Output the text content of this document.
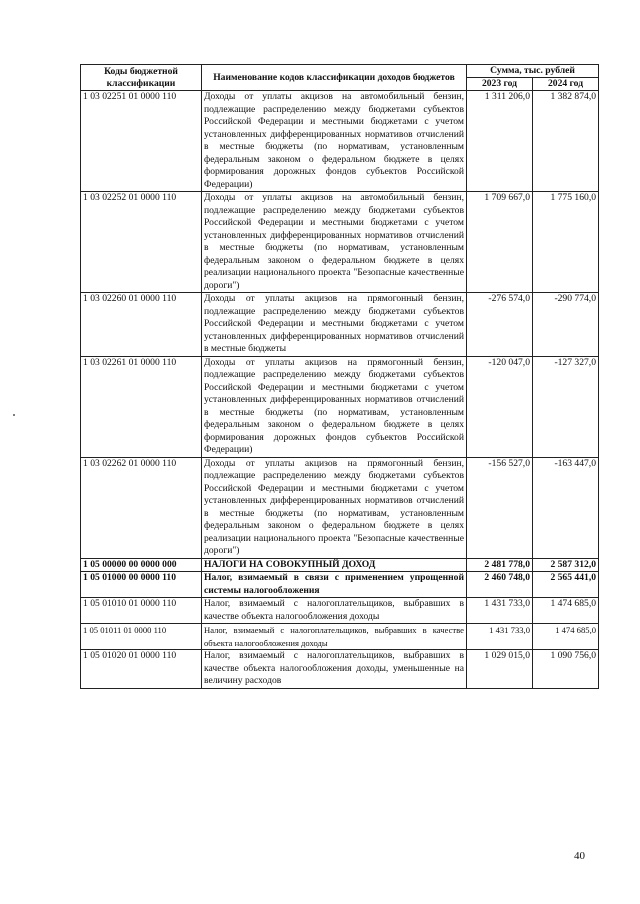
Коды бюджетной классификации	Наименование кодов классификации доходов бюджетов	Сумма, тыс. рублей	
		2023 год	2024 год
1 03 02251 01 0000 110	Доходы от уплаты акцизов на автомобильный бензин, подлежащие распределению между бюджетами субъектов Российской Федерации и местными бюджетами с учетом установленных дифференцированных нормативов отчислений в местные бюджеты (по нормативам, установленным федеральным законом о федеральном бюджете в целях формирования дорожных фондов субъектов Российской Федерации)	1 311 206,0	1 382 874,0
1 03 02252 01 0000 110	Доходы от уплаты акцизов на автомобильный бензин, подлежащие распределению между бюджетами субъектов Российской Федерации и местными бюджетами с учетом установленных дифференцированных нормативов отчислений в местные бюджеты (по нормативам, установленным федеральным законом о федеральном бюджете в целях реализации национального проекта "Безопасные качественные дороги")	1 709 667,0	1 775 160,0
1 03 02260 01 0000 110	Доходы от уплаты акцизов на прямогонный бензин, подлежащие распределению между бюджетами субъектов Российской Федерации и местными бюджетами с учетом установленных дифференцированных нормативов отчислений в местные бюджеты	-276 574,0	-290 774,0
1 03 02261 01 0000 110	Доходы от уплаты акцизов на прямогонный бензин, подлежащие распределению между бюджетами субъектов Российской Федерации и местными бюджетами с учетом установленных дифференцированных нормативов отчислений в местные бюджеты (по нормативам, установленным федеральным законом о федеральном бюджете в целях формирования дорожных фондов субъектов Российской Федерации)	-120 047,0	-127 327,0
1 03 02262 01 0000 110	Доходы от уплаты акцизов на прямогонный бензин, подлежащие распределению между бюджетами субъектов Российской Федерации и местными бюджетами с учетом установленных дифференцированных нормативов отчислений в местные бюджеты (по нормативам, установленным федеральным законом о федеральном бюджете в целях реализации национального проекта "Безопасные качественные дороги")	-156 527,0	-163 447,0
1 05 00000 00 0000 000	НАЛОГИ НА СОВОКУПНЫЙ ДОХОД	2 481 778,0	2 587 312,0
1 05 01000 00 0000 110	Налог, взимаемый в связи с применением упрощенной системы налогообложения	2 460 748,0	2 565 441,0
1 05 01010 01 0000 110	Налог, взимаемый с налогоплательщиков, выбравших в качестве объекта налогообложения доходы	1 431 733,0	1 474 685,0
1 05 01011 01 0000 110	Налог, взимаемый с налогоплательщиков, выбравших в качестве объекта налогообложения доходы	1 431 733,0	1 474 685,0
1 05 01020 01 0000 110	Налог, взимаемый с налогоплательщиков, выбравших в качестве объекта налогообложения доходы, уменьшенные на величину расходов	1 029 015,0	1 090 756,0
40
